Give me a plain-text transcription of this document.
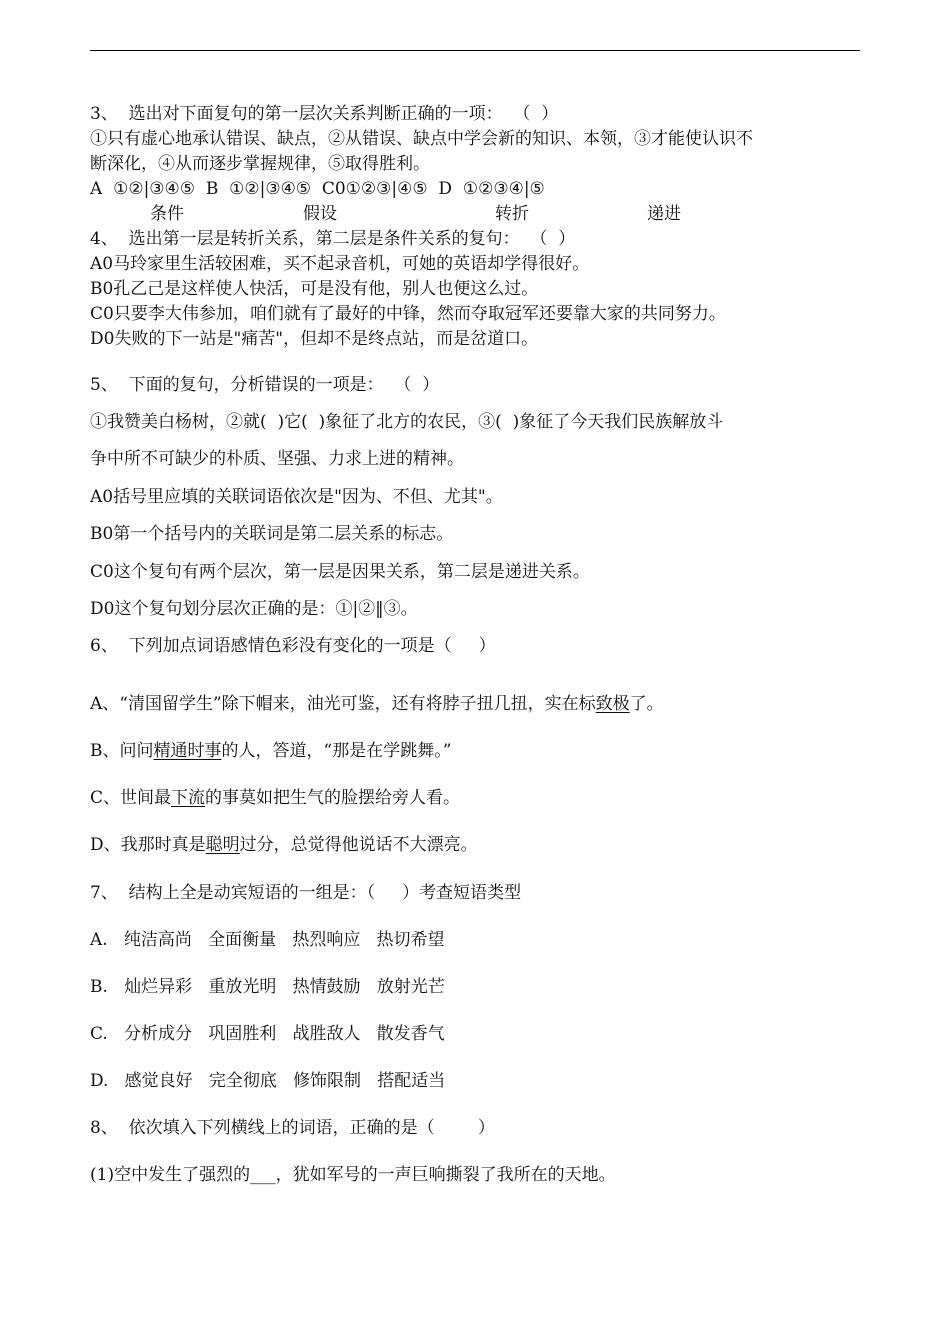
3、  选出对下面复句的第一层次关系判断正确的一项：  （  ）
①只有虚心地承认错误、缺点，②从错误、缺点中学会新的知识、本领，③才能使认识不
断深化，④从而逐步掌握规律，⑤取得胜利。
A  ①②|③④⑤  B  ①②|③④⑤  C0①②③|④⑤  D  ①②③④|⑤
条件	假设	转折	递进
4、  选出第一层是转折关系，第二层是条件关系的复句：  （  ）
A0马玲家里生活较困难，买不起录音机，可她的英语却学得很好。
B0孔乙己是这样使人快活，可是没有他，别人也便这么过。
C0只要李大伟参加，咱们就有了最好的中锋，然而夺取冠军还要靠大家的共同努力。
D0失败的下一站是"痛苦"，但却不是终点站，而是岔道口。
5、  下面的复句，分析错误的一项是：  （  ）
①我赞美白杨树，②就(  )它(  )象征了北方的农民，③(  )象征了今天我们民族解放斗
争中所不可缺少的朴质、坚强、力求上进的精神。
A0括号里应填的关联词语依次是"因为、不但、尤其"。
B0第一个括号内的关联词是第二层关系的标志。
C0这个复句有两个层次，第一层是因果关系，第二层是递进关系。
D0这个复句划分层次正确的是：①|②‖③。
6、  下列加点词语感情色彩没有变化的一项是（     ）
A、“清国留学生”除下帽来，油光可鉴，还有将脖子扭几扭，实在标致极了。
B、问问精通时事的人，答道，“那是在学跳舞。”
C、世间最下流的事莫如把生气的脸摆给旁人看。
D、我那时真是聪明过分，总觉得他说话不大漂亮。
7、  结构上全是动宾短语的一组是：（     ）考查短语类型
A.   纯洁高尚   全面衡量   热烈响应   热切希望
B.   灿烂异彩   重放光明   热情鼓励   放射光芒
C.   分析成分   巩固胜利   战胜敌人   散发香气
D.   感觉良好   完全彻底   修饰限制   搭配适当
8、  依次填入下列横线上的词语，正确的是（        ）
(1)空中发生了强烈的___，犹如军号的一声巨响撕裂了我所在的天地。
